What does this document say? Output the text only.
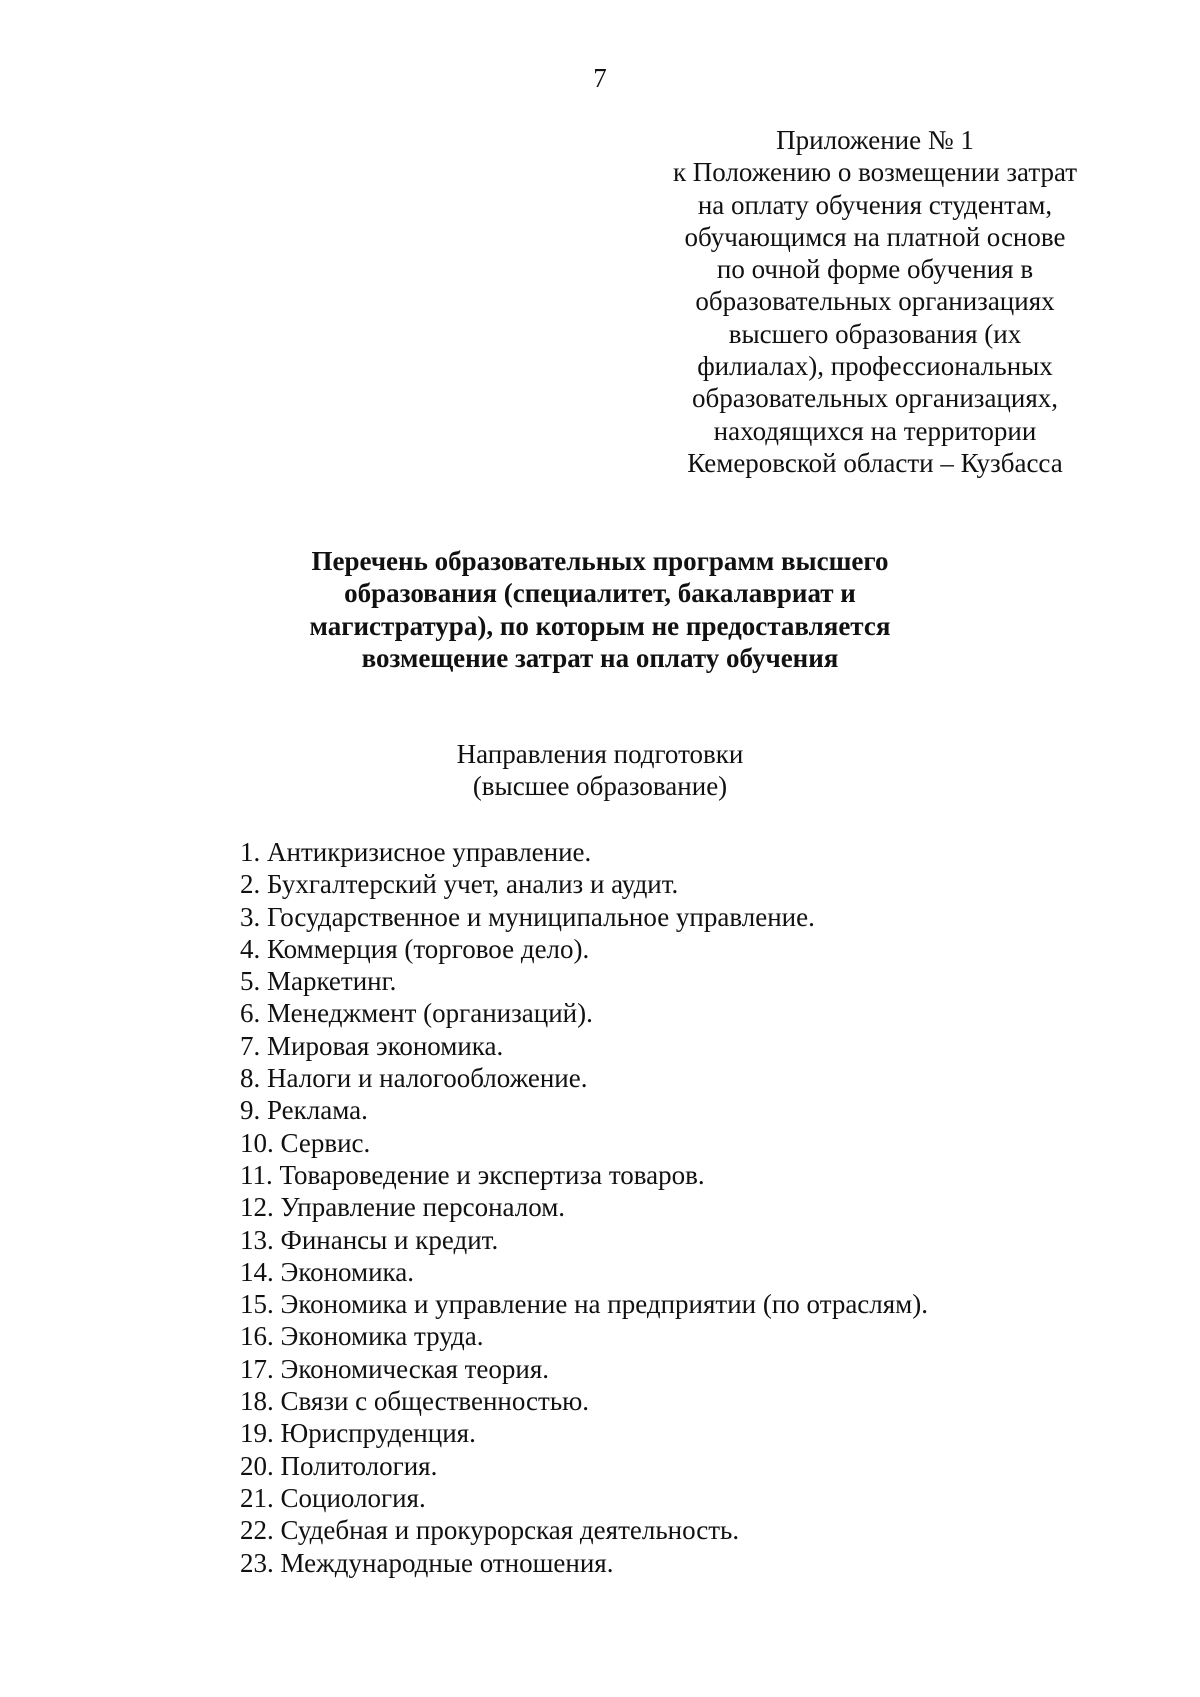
7
Приложение № 1
к Положению о возмещении затрат
на оплату обучения студентам,
обучающимся на платной основе
по очной форме обучения в
образовательных организациях
высшего образования (их
филиалах), профессиональных
образовательных организациях,
находящихся на территории
Кемеровской области – Кузбасса
Перечень образовательных программ высшего
образования (специалитет, бакалавриат и
магистратура), по которым не предоставляется
возмещение затрат на оплату обучения
Направления подготовки
(высшее образование)
1. Антикризисное управление.
2. Бухгалтерский учет, анализ и аудит.
3. Государственное и муниципальное управление.
4. Коммерция (торговое дело).
5. Маркетинг.
6. Менеджмент (организаций).
7. Мировая экономика.
8. Налоги и налогообложение.
9. Реклама.
10. Сервис.
11. Товароведение и экспертиза товаров.
12. Управление персоналом.
13. Финансы и кредит.
14. Экономика.
15. Экономика и управление на предприятии (по отраслям).
16. Экономика труда.
17. Экономическая теория.
18. Связи с общественностью.
19. Юриспруденция.
20. Политология.
21. Социология.
22. Судебная и прокурорская деятельность.
23. Международные отношения.
